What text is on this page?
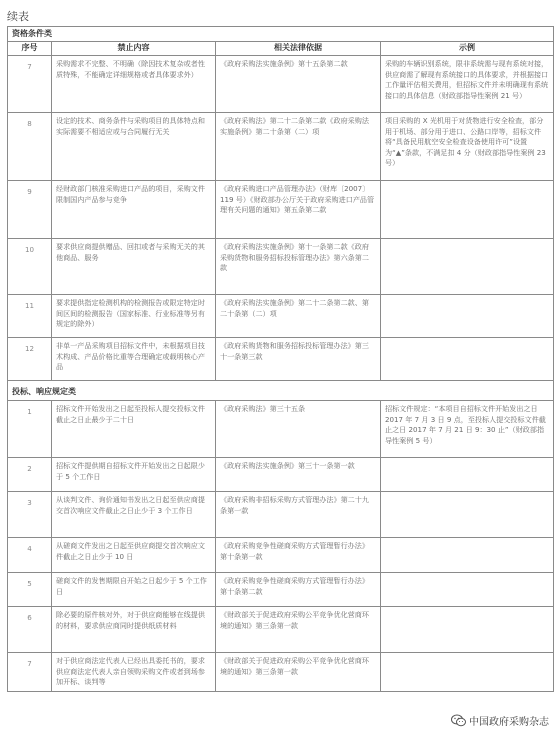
续表
资格条件类			
序号	禁止内容	相关法律依据	示例
7	采购需求不完整、不明确（除因技术复杂或者性质特殊，不能确定详细规格或者具体要求外）	《政府采购法实施条例》第十五条第二款	采购的车辆识别系统，限非系统需与现有系统对接，供应商需了解现有系统接口的具体要求，并根据接口工作量评估相关费用，但招标文件并未明确现有系统接口的具体信息（财政部指导性案例 21 号）
8	设定的技术、商务条件与采购项目的具体特点和实际需要不相适应或与合同履行无关	《政府采购法》第二十二条第二款《政府采购法实施条例》第二十条第（二）项	项目采购的 X 光机用于对货物进行安全检查，部分用于机场、部分用于进口、公路口岸等，招标文件将“具备民用航空安全检查设备使用许可”设置为“▲”条款，不满足扣 4 分（财政部指导性案例 23 号）
9	经财政部门核准采购进口产品的项目，采购文件限制国内产品参与竞争	《政府采购进口产品管理办法》（财库〔2007〕119 号）《财政部办公厅关于政府采购进口产品管理有关问题的通知》第五条第二款	
10	要求供应商提供赠品、回扣或者与采购无关的其他商品、服务	《政府采购法实施条例》第十一条第二款《政府采购货物和服务招标投标管理办法》第六条第二款	
11	要求提供指定检测机构的检测报告或限定特定时间区间的检测报告（国家标准、行业标准等另有规定的除外）	《政府采购法实施条例》第二十二条第二款、第二十条第（二）项	
12	非单一产品采购项目招标文件中，未根据项目技术构成、产品价格比重等合理确定或载明核心产品	《政府采购货物和服务招标投标管理办法》第三十一条第三款	
投标、响应规定类			
1	招标文件开始发出之日起至投标人提交投标文件截止之日止最少于二十日	《政府采购法》第三十五条	招标文件规定：“本项目自招标文件开始发出之日 2017 年 7 月 3 日 9 点，至投标人提交投标文件截止之日 2017 年 7 月 21 日 9：30 止”（财政部指导性案例 5 号）
2	招标文件提供期自招标文件开始发出之日起限少于 5 个工作日	《政府采购法实施条例》第三十一条第一款	
3	从谈判文件、询价通知书发出之日起至供应商提交首次响应文件截止之日止少于 3 个工作日	《政府采购非招标采购方式管理办法》第二十九条第一款	
4	从磋商文件发出之日起至供应商提交首次响应文件截止之日止少于 10 日	《政府采购竞争性磋商采购方式管理暂行办法》第十条第一款	
5	磋商文件的发售期限自开始之日起少于 5 个工作日	《政府采购竞争性磋商采购方式管理暂行办法》第十条第二款	
6	除必要的原件核对外，对于供应商能够在线提供的材料，要求供应商同时提供纸质材料	《财政部关于促进政府采购公平竞争优化营商环境的通知》第三条第一款	
7	对于供应商法定代表人已经出具委托书的，要求供应商法定代表人亲自领购采购文件或者到场参加开标、谈判等	《财政部关于促进政府采购公平竞争优化营商环境的通知》第三条第一款	
中国政府采购杂志
